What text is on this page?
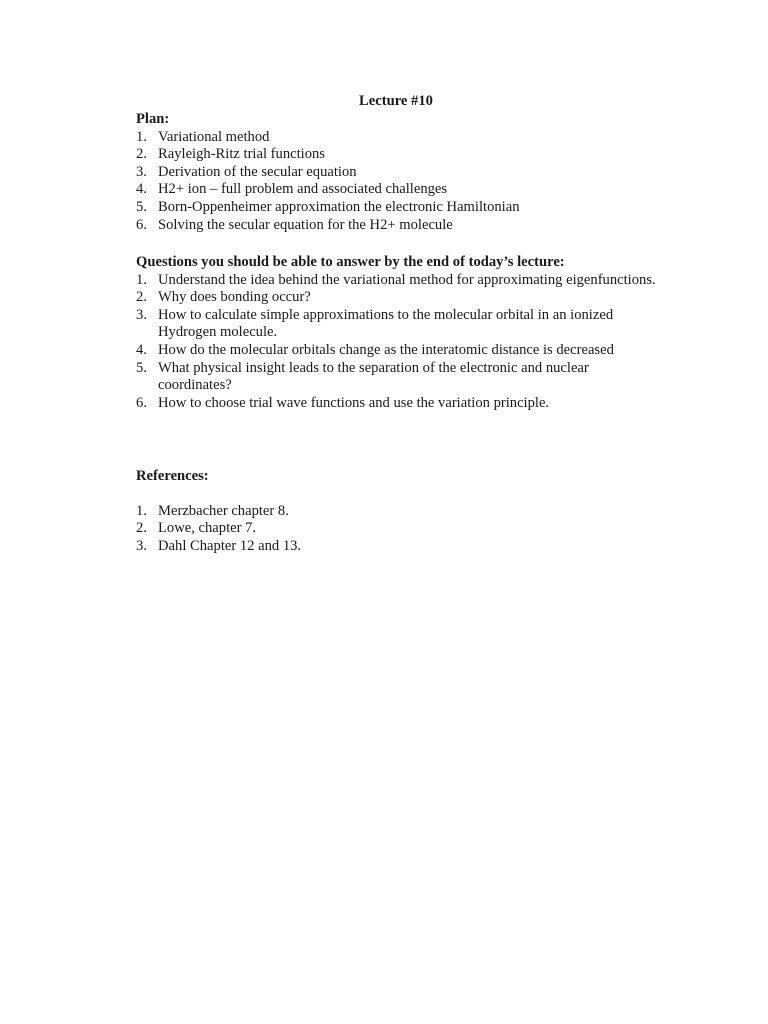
Lecture #10
Plan:
1. Variational method
2. Rayleigh-Ritz trial functions
3. Derivation of the secular equation
4. H2+ ion – full problem and associated challenges
5. Born-Oppenheimer approximation the electronic Hamiltonian
6. Solving the secular equation for the H2+ molecule
Questions you should be able to answer by the end of today’s lecture:
1. Understand the idea behind the variational method for approximating eigenfunctions.
2. Why does bonding occur?
3. How to calculate simple approximations to the molecular orbital in an ionized Hydrogen molecule.
4. How do the molecular orbitals change as the interatomic distance is decreased
5. What physical insight leads to the separation of the electronic and nuclear coordinates?
6. How to choose trial wave functions and use the variation principle.
References:
1. Merzbacher chapter 8.
2. Lowe, chapter 7.
3. Dahl Chapter 12 and 13.
